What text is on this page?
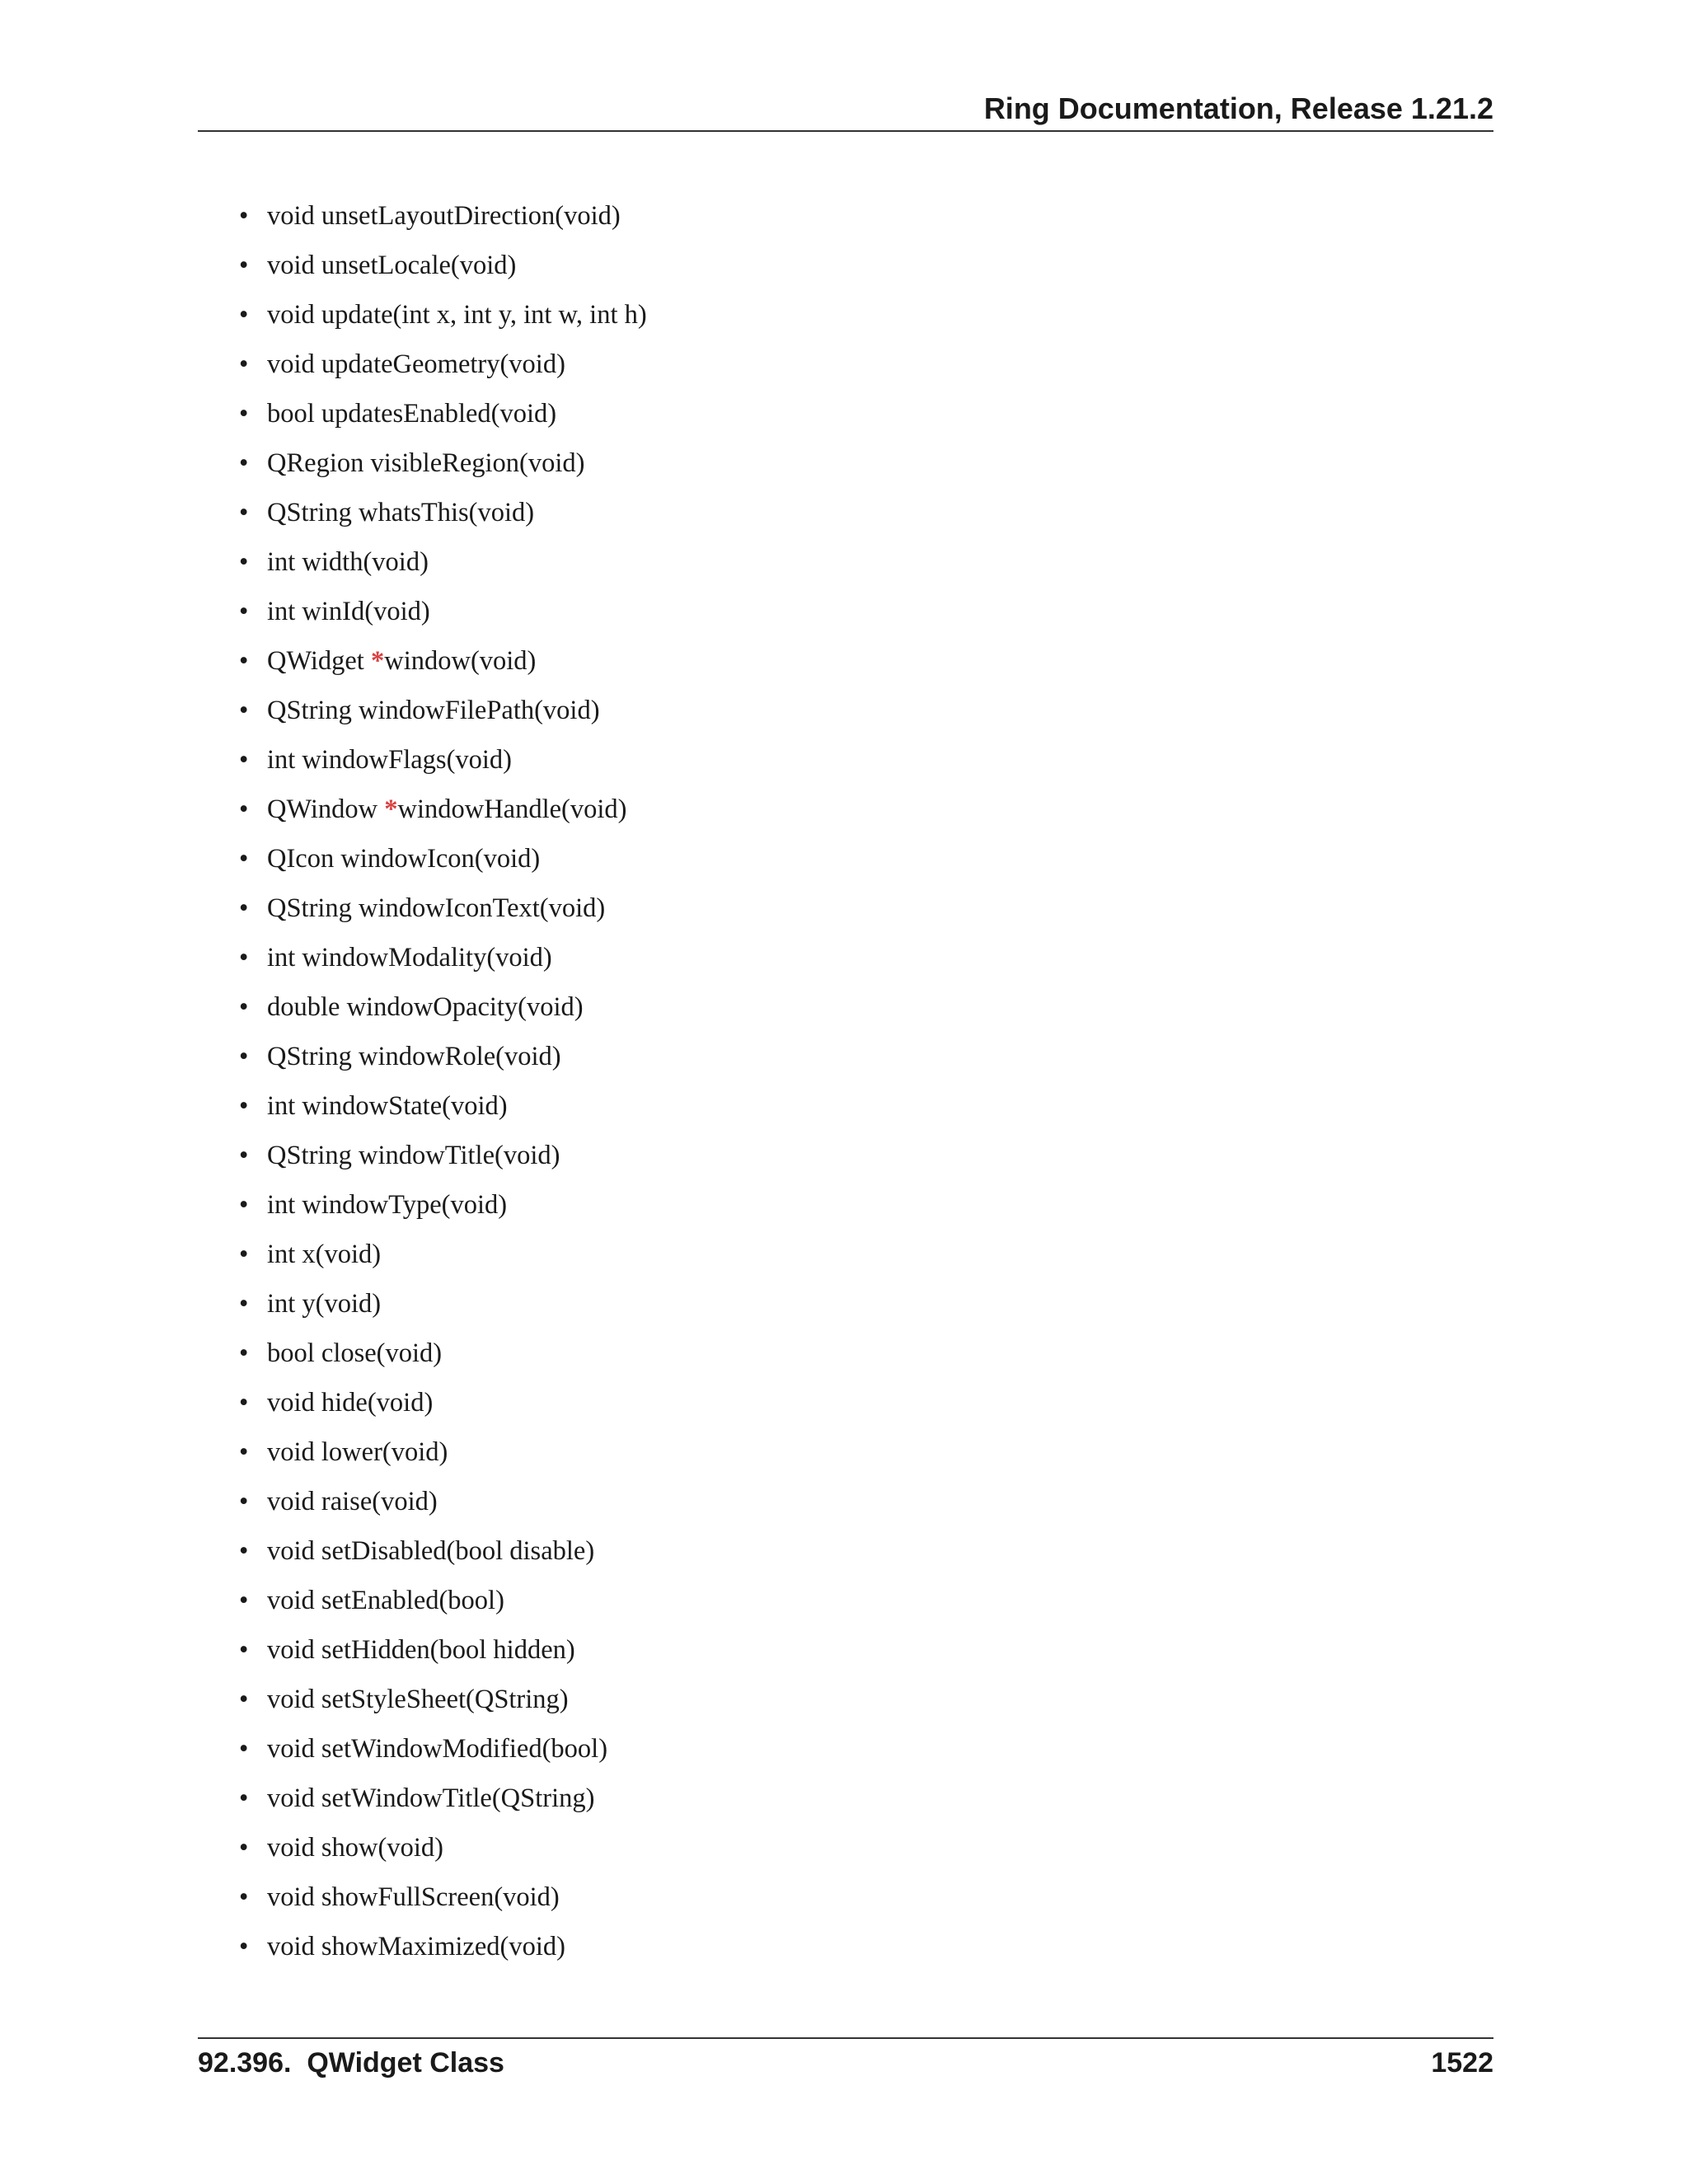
Ring Documentation, Release 1.21.2
• void unsetLayoutDirection(void)
• void unsetLocale(void)
• void update(int x, int y, int w, int h)
• void updateGeometry(void)
• bool updatesEnabled(void)
• QRegion visibleRegion(void)
• QString whatsThis(void)
• int width(void)
• int winId(void)
• QWidget *window(void)
• QString windowFilePath(void)
• int windowFlags(void)
• QWindow *windowHandle(void)
• QIcon windowIcon(void)
• QString windowIconText(void)
• int windowModality(void)
• double windowOpacity(void)
• QString windowRole(void)
• int windowState(void)
• QString windowTitle(void)
• int windowType(void)
• int x(void)
• int y(void)
• bool close(void)
• void hide(void)
• void lower(void)
• void raise(void)
• void setDisabled(bool disable)
• void setEnabled(bool)
• void setHidden(bool hidden)
• void setStyleSheet(QString)
• void setWindowModified(bool)
• void setWindowTitle(QString)
• void show(void)
• void showFullScreen(void)
• void showMaximized(void)
92.396.  QWidget Class	1522
